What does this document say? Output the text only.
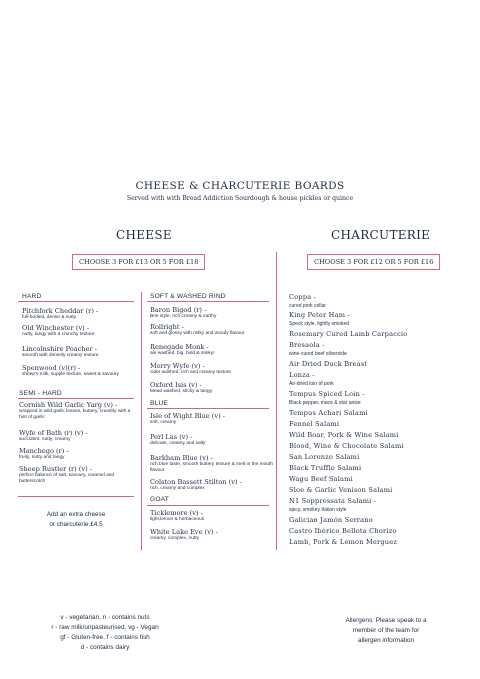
CHEESE & CHARCUTERIE BOARDS
Served with with Bread Addiction Sourdough & house pickles or quince
CHEESE	CHARCUTERIE
CHOOSE 3 FOR £13 OR 5 FOR £18	CHOOSE 3 FOR £12 OR 5 FOR £16
HARD
Pitchfork Cheddar (r) -
full-bodied, dense & nutty
Old Winchester (v) -
nutty, tangy with a crunchy texture
Lincolnshire Poacher -
smooth with densely creamy texture
Spenwood (v)(r) -
sheep's milk, supple texture, sweet & savoury
SEMI - HARD
Cornish Wild Garlic Yarg (v) -
wrapped in wild garlic leaves, buttery, crumbly with a hint of garlic
Wyfe of Bath (r) (v) -
succulent, nutty, creamy
Manchego (r) -
fruity, nutty and tangy
Sheep Rustler (r) (v) -
perfect balance of salt, savoury, caramel and butterscotch
Add an extra cheese
or charcuterie £4.5
SOFT & WASHED RIND
Baron Bigod (r) -
Brie style, rich creamy & earthy
Rollright -
soft and glossy with milky and woody flavour
Renegade Monk -
ale washed, big, bold & stinky!
Merry Wyfe (v) -
cider washed, rich and creamy texture
Oxford Isis (v) -
Mead washed, sticky & tangy
BLUE
Isle of Wight Blue (v) -
soft, creamy
Perl Las (v) -
delicate, creamy and salty
Barkham Blue (v) -
rich blue taste, smooth buttery texture & melt in the mouth flavour
Colston Bassett Stilton (v) -
rich, creamy and complex
GOAT
Ticklemore (v) -
light,lemon & herbaceous
White Lake Eve (v) -
creamy, complex, nutty
Coppa -
cured pork collar
King Peter Ham -
Speck style, lightly smoked
Rosemary Cured Lamb Carpaccio
Bresaola -
wine-cured beef silverside
Air Dried Duck Breast
Lonza -
Air-dried loin of pork
Tempus Spiced Loin -
Black pepper, mace & star anise
Tempus Achari Salami
Fennel Salami
Wild Boar, Pork & Wine Salami
Blood, Wine & Chocolate Salami
San Lorenzo Salami
Black Truffle Salami
Wagu Beef Salami
Sloe & Garlic Venison Salami
N1 Soppressata Salami -
spicy, smokey Italian style
Galician Jamón Serrano
Castro Ibérico Bellota Chorizo
Lamb, Pork & Lemon Merguez
v - vegetarian. n - contains nuts
r - raw milk/unpasteurised. vg - Vegan
gf - Gluten-free. f - contains fish
d - contains dairy
Allergens: Please speak to a
member of the team for
allergen information
